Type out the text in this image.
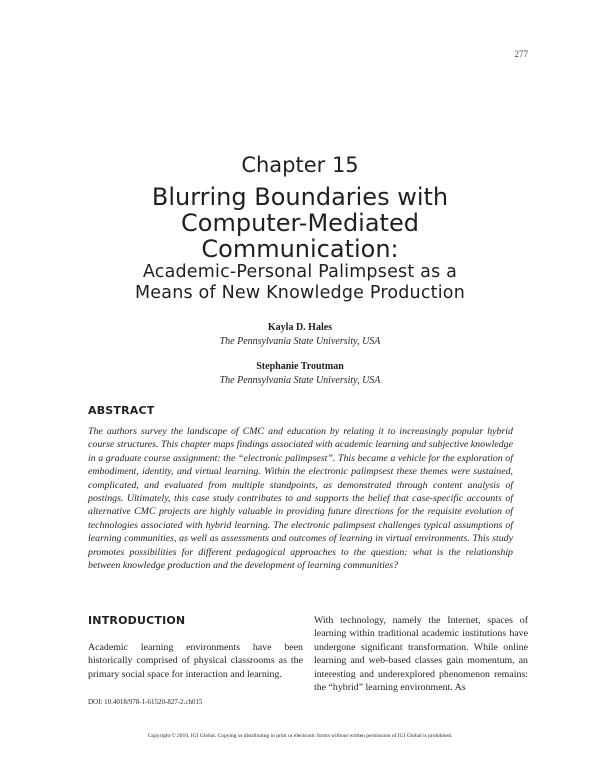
277
Chapter 15
Blurring Boundaries with
Computer-Mediated
Communication:
Academic-Personal Palimpsest as a
Means of New Knowledge Production
Kayla D. Hales
The Pennsylvania State University, USA
Stephanie Troutman
The Pennsylvania State University, USA
ABSTRACT
The authors survey the landscape of CMC and education by relating it to increasingly popular hybrid course structures. This chapter maps findings associated with academic learning and subjective knowledge in a graduate course assignment: the “electronic palimpsest”. This became a vehicle for the exploration of embodiment, identity, and virtual learning. Within the electronic palimpsest these themes were sustained, complicated, and evaluated from multiple standpoints, as demonstrated through content analysis of postings. Ultimately, this case study contributes to and supports the belief that case-specific accounts of alternative CMC projects are highly valuable in providing future directions for the requisite evolution of technologies associated with hybrid learning. The electronic palimpsest challenges typical assumptions of learning communities, as well as assessments and outcomes of learning in virtual environments. This study promotes possibilities for different pedagogical approaches to the question: what is the relationship between knowledge production and the development of learning communities?
INTRODUCTION
Academic learning environments have been historically comprised of physical classrooms as the primary social space for interaction and learning.
With technology, namely the Internet, spaces of learning within traditional academic institutions have undergone significant transformation. While online learning and web-based classes gain momentum, an interesting and underexplored phenomenon remains: the “hybrid” learning environment. As
DOI: 10.4018/978-1-61520-827-2.ch015
Copyright © 2010, IGI Global. Copying or distributing in print or electronic forms without written permission of IGI Global is prohibited.
